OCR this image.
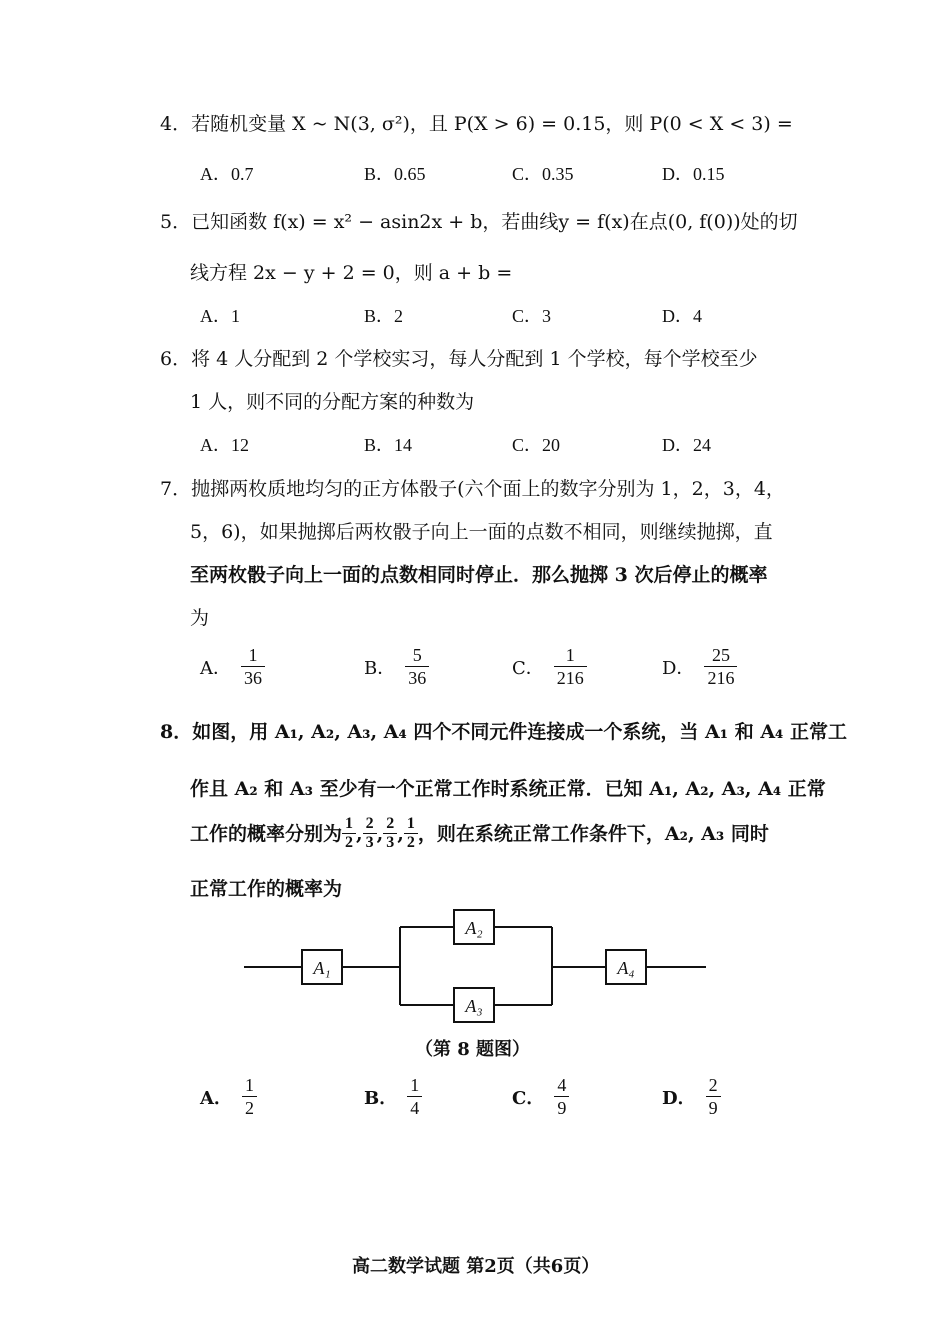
4．若随机变量 X ~ N(3, σ²)，且 P(X > 6) = 0.15，则 P(0 < X < 3) =
A．0.7	B．0.65	C．0.35	D．0.15
5．已知函数 f(x) = x² − asin2x + b，若曲线y = f(x)在点(0, f(0))处的切
线方程 2x − y + 2 = 0，则 a + b =
A．1	B．2	C．3	D．4
6．将 4 人分配到 2 个学校实习，每人分配到 1 个学校，每个学校至少
1 人，则不同的分配方案的种数为
A．12	B．14	C．20	D．24
7．抛掷两枚质地均匀的正方体骰子(六个面上的数字分别为 1，2，3，4，
5，6)，如果抛掷后两枚骰子向上一面的点数不相同，则继续抛掷，直
至两枚骰子向上一面的点数相同时停止．那么抛掷 3 次后停止的概率
为
A． $\frac{1}{36}$	B． $\frac{5}{36}$	C． $\frac{1}{216}$	D． $\frac{25}{216}$
8．如图，用 A₁, A₂, A₃, A₄ 四个不同元件连接成一个系统，当 A₁ 和 A₄ 正常工
作且 A₂ 和 A₃ 至少有一个正常工作时系统正常．已知 A₁, A₂, A₃, A₄ 正常
工作的概率分别为 $\frac{1}{2}$ , $\frac{2}{3}$ , $\frac{2}{3}$ , $\frac{1}{2}$ ，则在系统正常工作条件下，A₂, A₃ 同时
正常工作的概率为
A₁
A₂
A₃
A₄
（第 8 题图）
A． $\frac{1}{2}$	B． $\frac{1}{4}$	C． $\frac{4}{9}$	D． $\frac{2}{9}$
高二数学试题 第2页（共6页）
